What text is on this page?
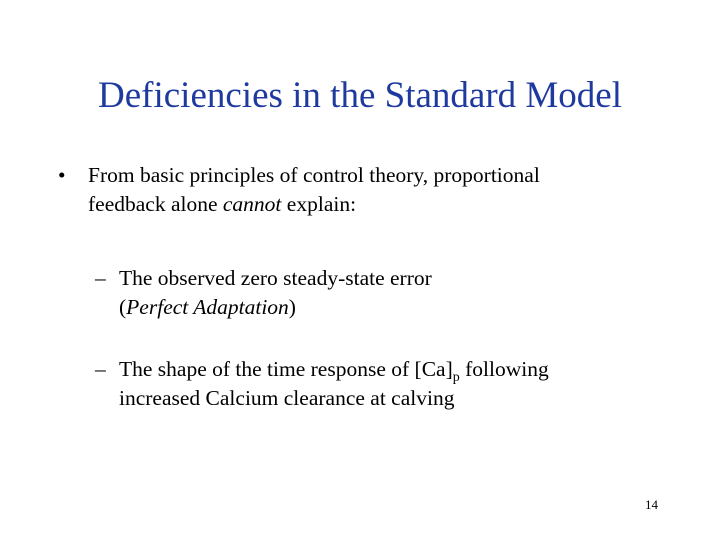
Deficiencies in the Standard Model
•	From basic principles of control theory, proportional
feedback alone cannot explain:
– The observed zero steady-state error
(Perfect Adaptation)
– The shape of the time response of $[Ca]_p$ following
increased Calcium clearance at calving
14
